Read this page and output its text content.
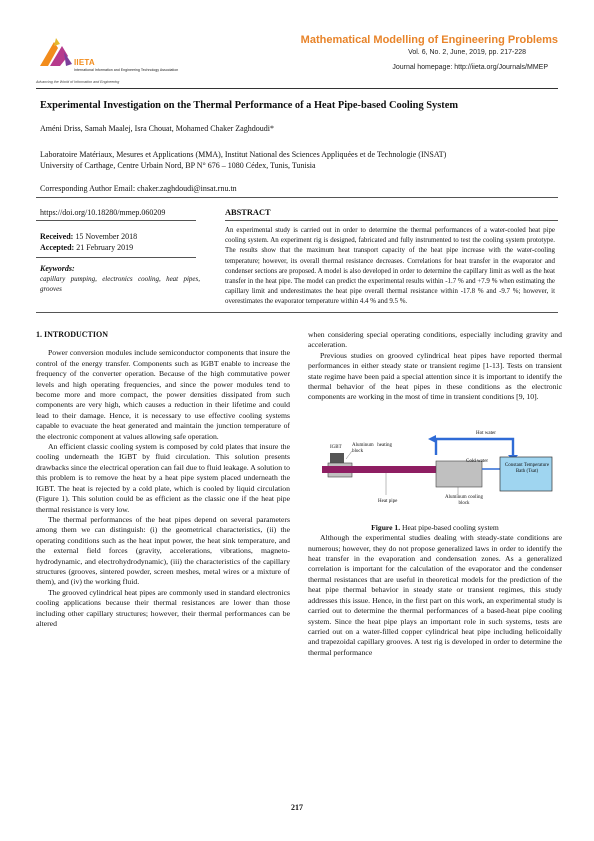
IIETA
International Information and Engineering Technology Association
Advancing the World of Information and Engineering
Mathematical Modelling of Engineering Problems
Vol. 6, No. 2, June, 2019, pp. 217-228
Journal homepage: http://iieta.org/Journals/MMEP
Experimental Investigation on the Thermal Performance of a Heat Pipe-based Cooling System
Améni Driss, Samah Maalej, Isra Chouat, Mohamed Chaker Zaghdoudi*
Laboratoire Matériaux, Mesures et Applications (MMA), Institut National des Sciences Appliquées et de Technologie (INSAT)
University of Carthage, Centre Urbain Nord, BP N° 676 – 1080 Cédex, Tunis, Tunisia
Corresponding Author Email: chaker.zaghdoudi@insat.rnu.tn
https://doi.org/10.18280/mmep.060209
Received: 15 November 2018
Accepted: 21 February 2019
Keywords:
capillary pumping, electronics cooling, heat pipes, grooves
ABSTRACT
An experimental study is carried out in order to determine the thermal performances of a water-cooled heat pipe cooling system. An experiment rig is designed, fabricated and fully instrumented to test the cooling system prototype. The results show that the maximum heat transport capacity of the heat pipe increase with the water-cooling temperature; however, its overall thermal resistance decreases. Correlations for heat transfer in the evaporator and condenser sections are proposed. A model is also developed in order to determine the capillary limit as well as the heat transfer in the heat pipe. The model can predict the experimental results within -1.7 % and +7.9 % when estimating the capillary limit and underestimates the heat pipe overall thermal resistance within -17.8 % and -9.7 %; however, it overestimates the evaporator temperature within 4.4 % and 9.5 %.
1. INTRODUCTION

Power conversion modules include semiconductor components that insure the control of the energy transfer. Components such as IGBT enable to increase the frequency of the converter operation. Because of the high commutative power levels and high operating frequencies, and since the power modules tend to become more and more compact, the power densities dissipated from such components are very high, which causes a reduction in their lifetime and could lead to their damage. Hence, it is necessary to use effective cooling systems capable to evacuate the heat generated and maintain the junction temperature of the electronic component at values allowing safe operation.

An efficient classic cooling system is composed by cold plates that insure the cooling underneath the IGBT by fluid circulation. This solution presents drawbacks since the electrical operation can fail due to fluid leakage. A solution to this problem is to remove the heat by a heat pipe system placed underneath the IGBT. The heat is rejected by a cold plate, which is cooled by liquid circulation (Figure 1). This solution could be as efficient as the classic one if the heat pipe thermal resistance is very low.

The thermal performances of the heat pipes depend on several parameters among them we can distinguish: (i) the geometrical characteristics, (ii) the operating conditions such as the heat input power, the heat sink temperature, and the external field forces (gravity, accelerations, vibrations, magneto-hydrodynamic, and electrohydrodynamic), (iii) the characteristics of the capillary structures (grooves, sintered powder, screen meshes, metal wires or a mixture of them), and (iv) the working fluid.

The grooved cylindrical heat pipes are commonly used in standard electronics cooling applications because their thermal resistances are lower than those including other capillary structures; however, their thermal performances can be altered

when considering special operating conditions, especially including gravity and acceleration.

Previous studies on grooved cylindrical heat pipes have reported thermal performances in either steady state or transient regime [1-13]. Tests on transient state regime have been paid a special attention since it is important to identify the thermal behavior of the heat pipes in these conditions as the electronic components are working in the most of time in transient conditions [9, 10].

IGBT Aluminum heating block
Hot water
Cold water
Constant Temperature Bath (Tsat)
Heat pipe
Aluminum cooling block

Figure 1. Heat pipe-based cooling system

Although the experimental studies dealing with steady-state conditions are numerous; however, they do not propose generalized laws in order to identify the heat transfer in the evaporation and condensation zones. As a generalized correlation is important for the calculation of the evaporator and the condenser thermal resistances that are useful in theoretical models for the prediction of the heat pipe thermal behavior in steady state or transient regimes, this study addresses this issue. Hence, in the first part on this work, an experimental study is carried out to determine the thermal performances of a based-heat pipe cooling system. Since the heat pipe plays an important role in such systems, tests are carried out on a water-filled copper cylindrical heat pipe including helicoidally and trapezoidal capillary grooves. A test rig is developed in order to determine the thermal performance

217
